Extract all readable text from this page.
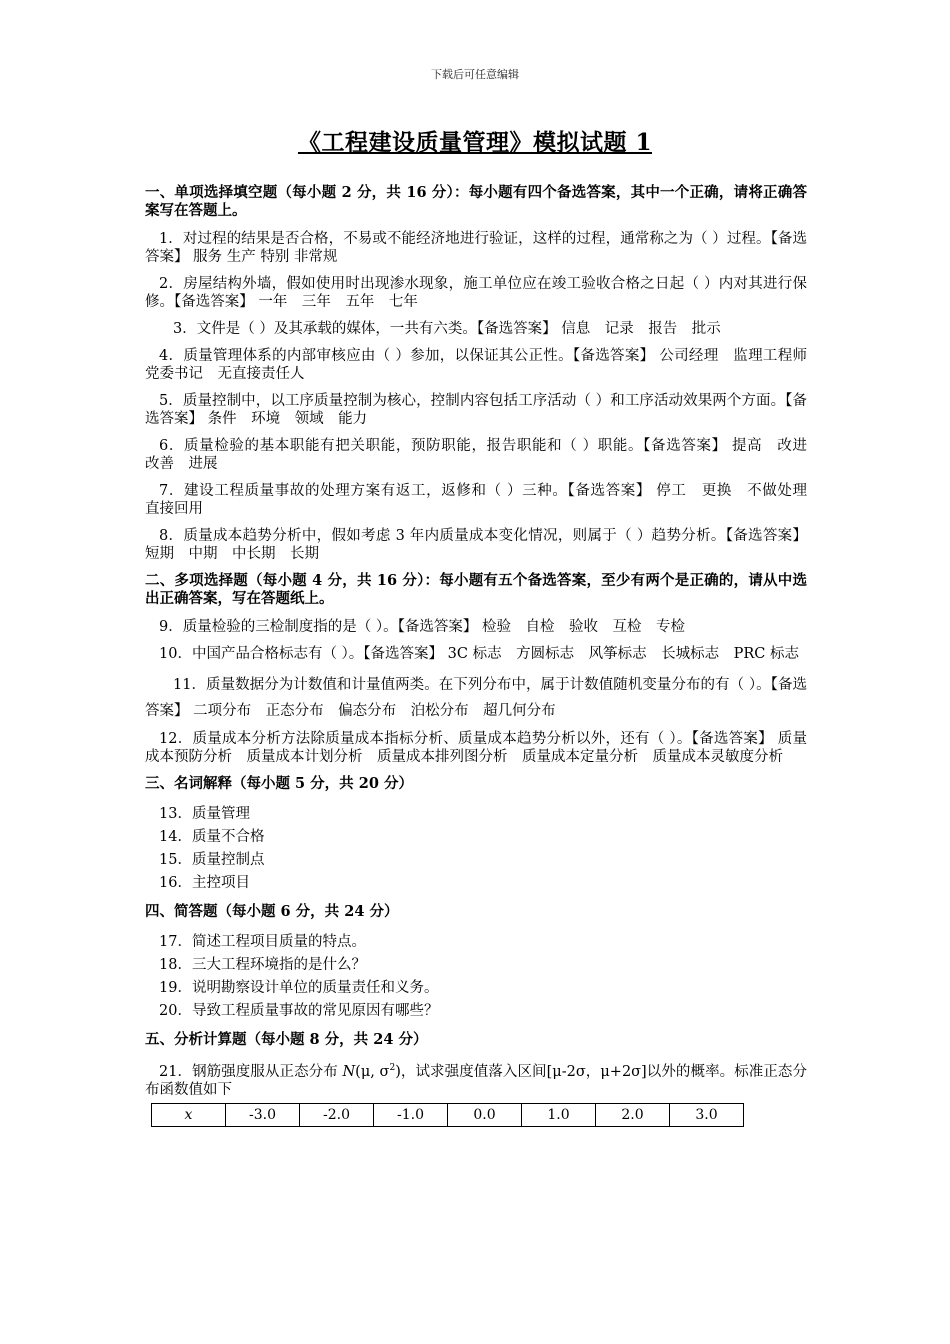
下载后可任意编辑
《工程建设质量管理》模拟试题 1

一、单项选择填空题（每小题 2 分，共 16 分）：每小题有四个备选答案，其中一个正确，请将正确答案写在答题上。

1．对过程的结果是否合格，不易或不能经济地进行验证，这样的过程，通常称之为（ ）过程。【备选答案】 服务 生产 特别 非常规

2．房屋结构外墙，假如使用时出现渗水现象，施工单位应在竣工验收合格之日起（ ）内对其进行保修。【备选答案】 一年　三年　五年　七年

3．文件是（ ）及其承载的媒体，一共有六类。【备选答案】 信息　记录　报告　批示

4．质量管理体系的内部审核应由（ ）参加，以保证其公正性。【备选答案】 公司经理　监理工程师　党委书记　无直接责任人

5．质量控制中，以工序质量控制为核心，控制内容包括工序活动（ ）和工序活动效果两个方面。【备选答案】 条件　环境　领域　能力

6．质量检验的基本职能有把关职能，预防职能，报告职能和（ ）职能。【备选答案】 提高　改进　改善　进展

7．建设工程质量事故的处理方案有返工，返修和（ ）三种。【备选答案】 停工　更换　不做处理　直接回用

8．质量成本趋势分析中，假如考虑 3 年内质量成本变化情况，则属于（ ）趋势分析。【备选答案】 短期　中期　中长期　长期

二、多项选择题（每小题 4 分，共 16 分）：每小题有五个备选答案，至少有两个是正确的，请从中选出正确答案，写在答题纸上。

9．质量检验的三检制度指的是（ ）。【备选答案】 检验　自检　验收　互检　专检

10．中国产品合格标志有（ ）。【备选答案】 3C 标志　方圆标志　风筝标志　长城标志　PRC 标志

11．质量数据分为计数值和计量值两类。在下列分布中，属于计数值随机变量分布的有（ ）。【备选答案】 二项分布　正态分布　偏态分布　泊松分布　超几何分布

12．质量成本分析方法除质量成本指标分析、质量成本趋势分析以外，还有（ ）。【备选答案】 质量成本预防分析　质量成本计划分析　质量成本排列图分析　质量成本定量分析　质量成本灵敏度分析

三、名词解释（每小题 5 分，共 20 分）

13．质量管理

14．质量不合格

15．质量控制点

16．主控项目

四、简答题（每小题 6 分，共 24 分）

17．简述工程项目质量的特点。

18．三大工程环境指的是什么？

19．说明勘察设计单位的质量责任和义务。

20．导致工程质量事故的常见原因有哪些？

五、分析计算题（每小题 8 分，共 24 分）

21．钢筋强度服从正态分布 N(μ, $\sigma^2$)，试求强度值落入区间[μ-2σ，μ+2σ]以外的概率。标准正态分布函数值如下

x	-3.0	-2.0	-1.0	0.0	1.0	2.0	3.0
